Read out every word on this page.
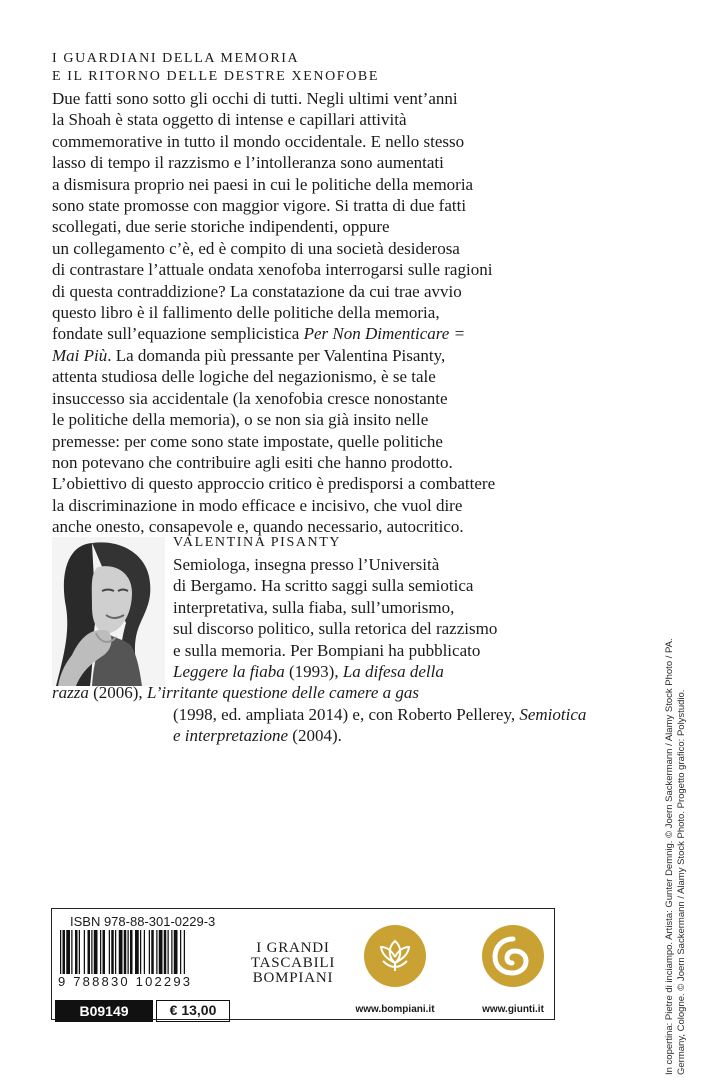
I GUARDIANI DELLA MEMORIA
E IL RITORNO DELLE DESTRE XENOFOBE
Due fatti sono sotto gli occhi di tutti. Negli ultimi vent’anni
la Shoah è stata oggetto di intense e capillari attività
commemorative in tutto il mondo occidentale. E nello stesso
lasso di tempo il razzismo e l’intolleranza sono aumentati
a dismisura proprio nei paesi in cui le politiche della memoria
sono state promosse con maggior vigore. Si tratta di due fatti
scollegati, due serie storiche indipendenti, oppure
un collegamento c’è, ed è compito di una società desiderosa
di contrastare l’attuale ondata xenofoba interrogarsi sulle ragioni
di questa contraddizione? La constatazione da cui trae avvio
questo libro è il fallimento delle politiche della memoria,
fondate sull’equazione semplicistica Per Non Dimenticare =
Mai Più. La domanda più pressante per Valentina Pisanty,
attenta studiosa delle logiche del negazionismo, è se tale
insuccesso sia accidentale (la xenofobia cresce nonostante
le politiche della memoria), o se non sia già insito nelle
premesse: per come sono state impostate, quelle politiche
non potevano che contribuire agli esiti che hanno prodotto.
L’obiettivo di questo approccio critico è predisporsi a combattere
la discriminazione in modo efficace e incisivo, che vuol dire
anche onesto, consapevole e, quando necessario, autocritico.
VALENTINA PISANTY
Semiologa, insegna presso l’Università
di Bergamo. Ha scritto saggi sulla semiotica
interpretativa, sulla fiaba, sull’umorismo,
sul discorso politico, sulla retorica del razzismo
e sulla memoria. Per Bompiani ha pubblicato
Leggere la fiaba (1993), La difesa della
razza (2006), L’irritante questione delle camere a gas
(1998, ed. ampliata 2014) e, con Roberto Pellerey, Semiotica
e interpretazione (2004).	In copertina: Pietre di inciampo. Artista: Gunter Demnig. © Joern Sackermann / Alamy Stock Photo / PA. Germany, Cologne. © Joern Sackermann / Alamy Stock Photo. Progetto grafico: Polystudio.
ISBN 978-88-301-0229-3
9 788830 102293
B09149	€ 13,00
I GRANDI
TASCABILI
BOMPIANI
www.bompiani.it	www.giunti.it
